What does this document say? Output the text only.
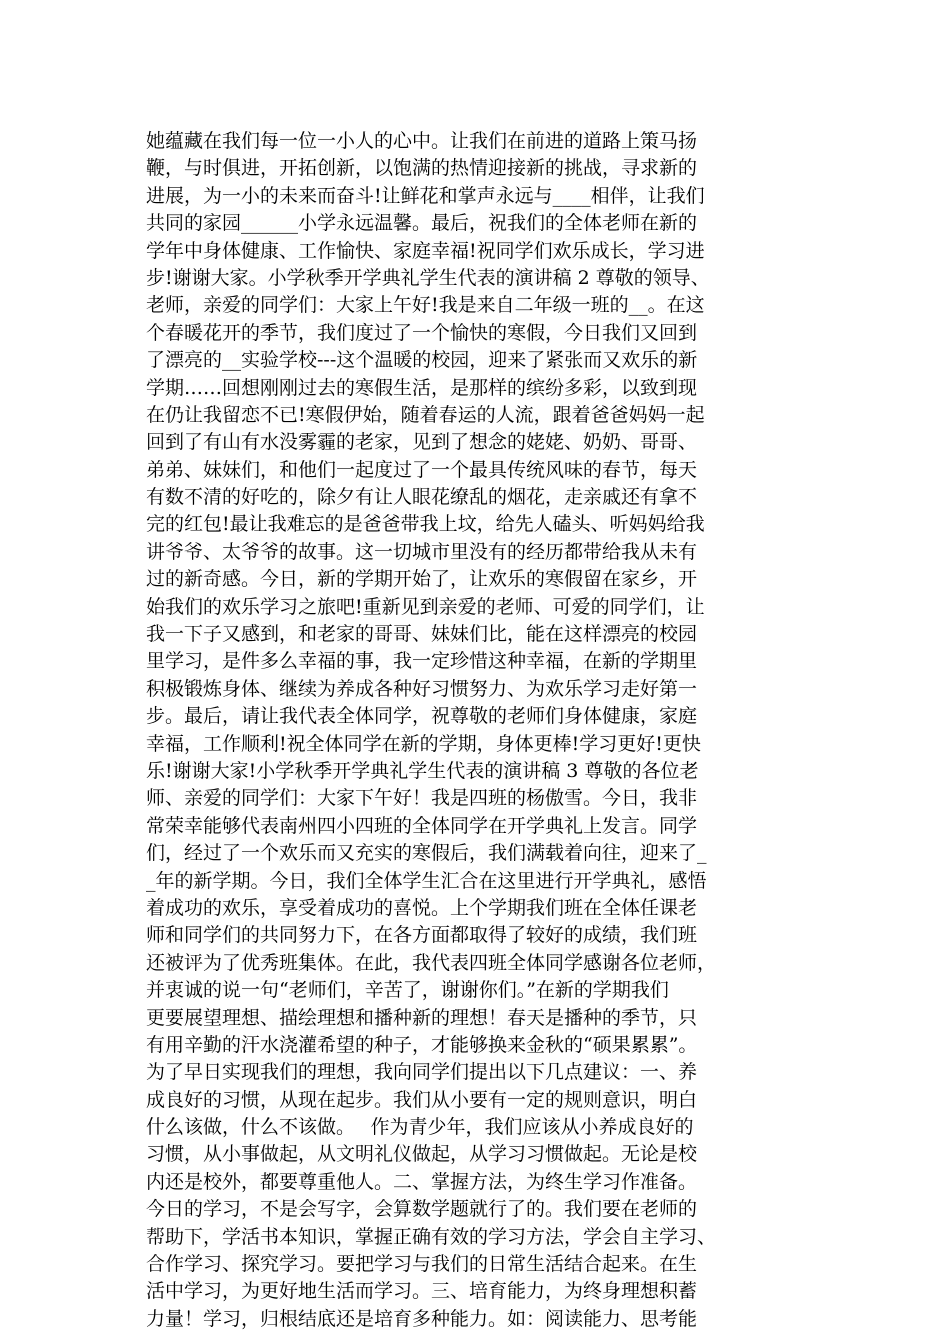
她蕴藏在我们每一位一小人的心中。让我们在前进的道路上策马扬
鞭，与时俱进，开拓创新，以饱满的热情迎接新的挑战，寻求新的
进展，为一小的未来而奋斗!让鲜花和掌声永远与____相伴，让我们
共同的家园______小学永远温馨。最后，祝我们的全体老师在新的
学年中身体健康、工作愉快、家庭幸福!祝同学们欢乐成长，学习进
步!谢谢大家。小学秋季开学典礼学生代表的演讲稿 2 尊敬的领导、
老师，亲爱的同学们：大家上午好!我是来自二年级一班的__。在这
个春暖花开的季节，我们度过了一个愉快的寒假，今日我们又回到
了漂亮的__实验学校---这个温暖的校园，迎来了紧张而又欢乐的新
学期……回想刚刚过去的寒假生活，是那样的缤纷多彩，以致到现
在仍让我留恋不已!寒假伊始，随着春运的人流，跟着爸爸妈妈一起
回到了有山有水没雾霾的老家，见到了想念的姥姥、奶奶、哥哥、
弟弟、妹妹们，和他们一起度过了一个最具传统风味的春节，每天
有数不清的好吃的，除夕有让人眼花缭乱的烟花，走亲戚还有拿不
完的红包!最让我难忘的是爸爸带我上坟，给先人磕头、听妈妈给我
讲爷爷、太爷爷的故事。这一切城市里没有的经历都带给我从未有
过的新奇感。今日，新的学期开始了，让欢乐的寒假留在家乡，开
始我们的欢乐学习之旅吧!重新见到亲爱的老师、可爱的同学们，让
我一下子又感到，和老家的哥哥、妹妹们比，能在这样漂亮的校园
里学习，是件多么幸福的事，我一定珍惜这种幸福，在新的学期里
积极锻炼身体、继续为养成各种好习惯努力、为欢乐学习走好第一
步。最后，请让我代表全体同学，祝尊敬的老师们身体健康，家庭
幸福，工作顺利!祝全体同学在新的学期，身体更棒!学习更好!更快
乐!谢谢大家!小学秋季开学典礼学生代表的演讲稿 3 尊敬的各位老
师、亲爱的同学们：大家下午好！我是四班的杨傲雪。今日，我非
常荣幸能够代表南州四小四班的全体同学在开学典礼上发言。同学
们，经过了一个欢乐而又充实的寒假后，我们满载着向往，迎来了_
_年的新学期。今日，我们全体学生汇合在这里进行开学典礼，感悟
着成功的欢乐，享受着成功的喜悦。上个学期我们班在全体任课老
师和同学们的共同努力下，在各方面都取得了较好的成绩，我们班
还被评为了优秀班集体。在此，我代表四班全体同学感谢各位老师，
并衷诚的说一句“老师们，辛苦了，谢谢你们。”在新的学期我们
更要展望理想、描绘理想和播种新的理想！春天是播种的季节，只
有用辛勤的汗水浇灌希望的种子，才能够换来金秋的“硕果累累”。
为了早日实现我们的理想，我向同学们提出以下几点建议：一、养
成良好的习惯，从现在起步。我们从小要有一定的规则意识，明白
什么该做，什么不该做。　 作为青少年，我们应该从小养成良好的
习惯，从小事做起，从文明礼仪做起，从学习习惯做起。无论是校
内还是校外，都要尊重他人。二、掌握方法，为终生学习作准备。
今日的学习，不是会写字，会算数学题就行了的。我们要在老师的
帮助下，学活书本知识，掌握正确有效的学习方法，学会自主学习、
合作学习、探究学习。要把学习与我们的日常生活结合起来。在生
活中学习，为更好地生活而学习。三、培育能力，为终身理想积蓄
力量！学习，归根结底还是培育多种能力。如：阅读能力、思考能
